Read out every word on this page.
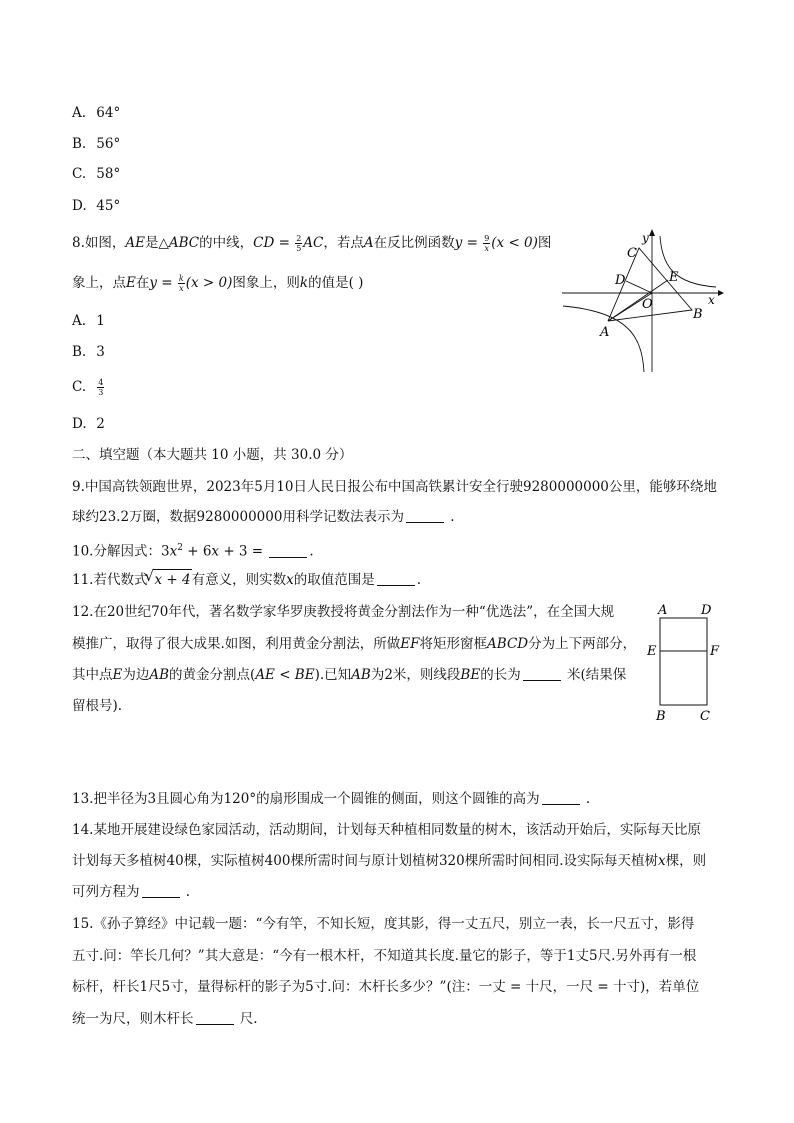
A. 64°
B. 56°
C. 58°
D. 45°
8.如图，AE是△ABC的中线，CD = $\frac{2}{5}$ AC，若点A在反比例函数$y = \frac{9}{x} (x < 0)$图
象上，点E在$y = \frac{k}{x} (x > 0)$图象上，则k的值是( )
A. 1
B. 3
C. $\frac{4}{3}$
D. 2
C
y
D	E
O	x
B
A
二、填空题（本大题共 10 小题，共 30.0 分）
9.中国高铁领跑世界，2023年5月10日人民日报公布中国高铁累计安全行驶9280000000公里，能够环绕地
球约23.2万圈，数据9280000000用科学记数法表示为	.
10.分解因式：$3x^2 + 6x + 3$ =	.
11.若代数式
√ x + 4有意义，则实数x的取值范围是	.
12.在20世纪70年代，著名数学家华罗庚教授将黄金分割法作为一种“优选法”，在全国大规
模推广，取得了很大成果.如图，利用黄金分割法，所做EF将矩形窗框ABCD分为上下两部分，
其中点E为边AB的黄金分割点(AE < BE).已知AB为2米，则线段BE的长为	米(结果保
留根号).
A	D
E	F
B	C
13.把半径为3且圆心角为120°的扇形围成一个圆锥的侧面，则这个圆锥的高为	.
14.某地开展建设绿色家园活动，活动期间，计划每天种植相同数量的树木，该活动开始后，实际每天比原
计划每天多植树40棵，实际植树400棵所需时间与原计划植树320棵所需时间相同.设实际每天植树x棵，则
可列方程为	.
15.《孙子算经》中记载一题：“今有竿，不知长短，度其影，得一丈五尺，别立一表，长一尺五寸，影得
五寸.问：竿长几何？”其大意是：“今有一根木杆，不知道其长度.量它的影子，等于1丈5尺.另外再有一根
标杆，杆长1尺5寸，量得标杆的影子为5寸.问：木杆长多少？”(注：一丈 = 十尺，一尺 = 十寸)，若单位
统一为尺，则木杆长	尺.
